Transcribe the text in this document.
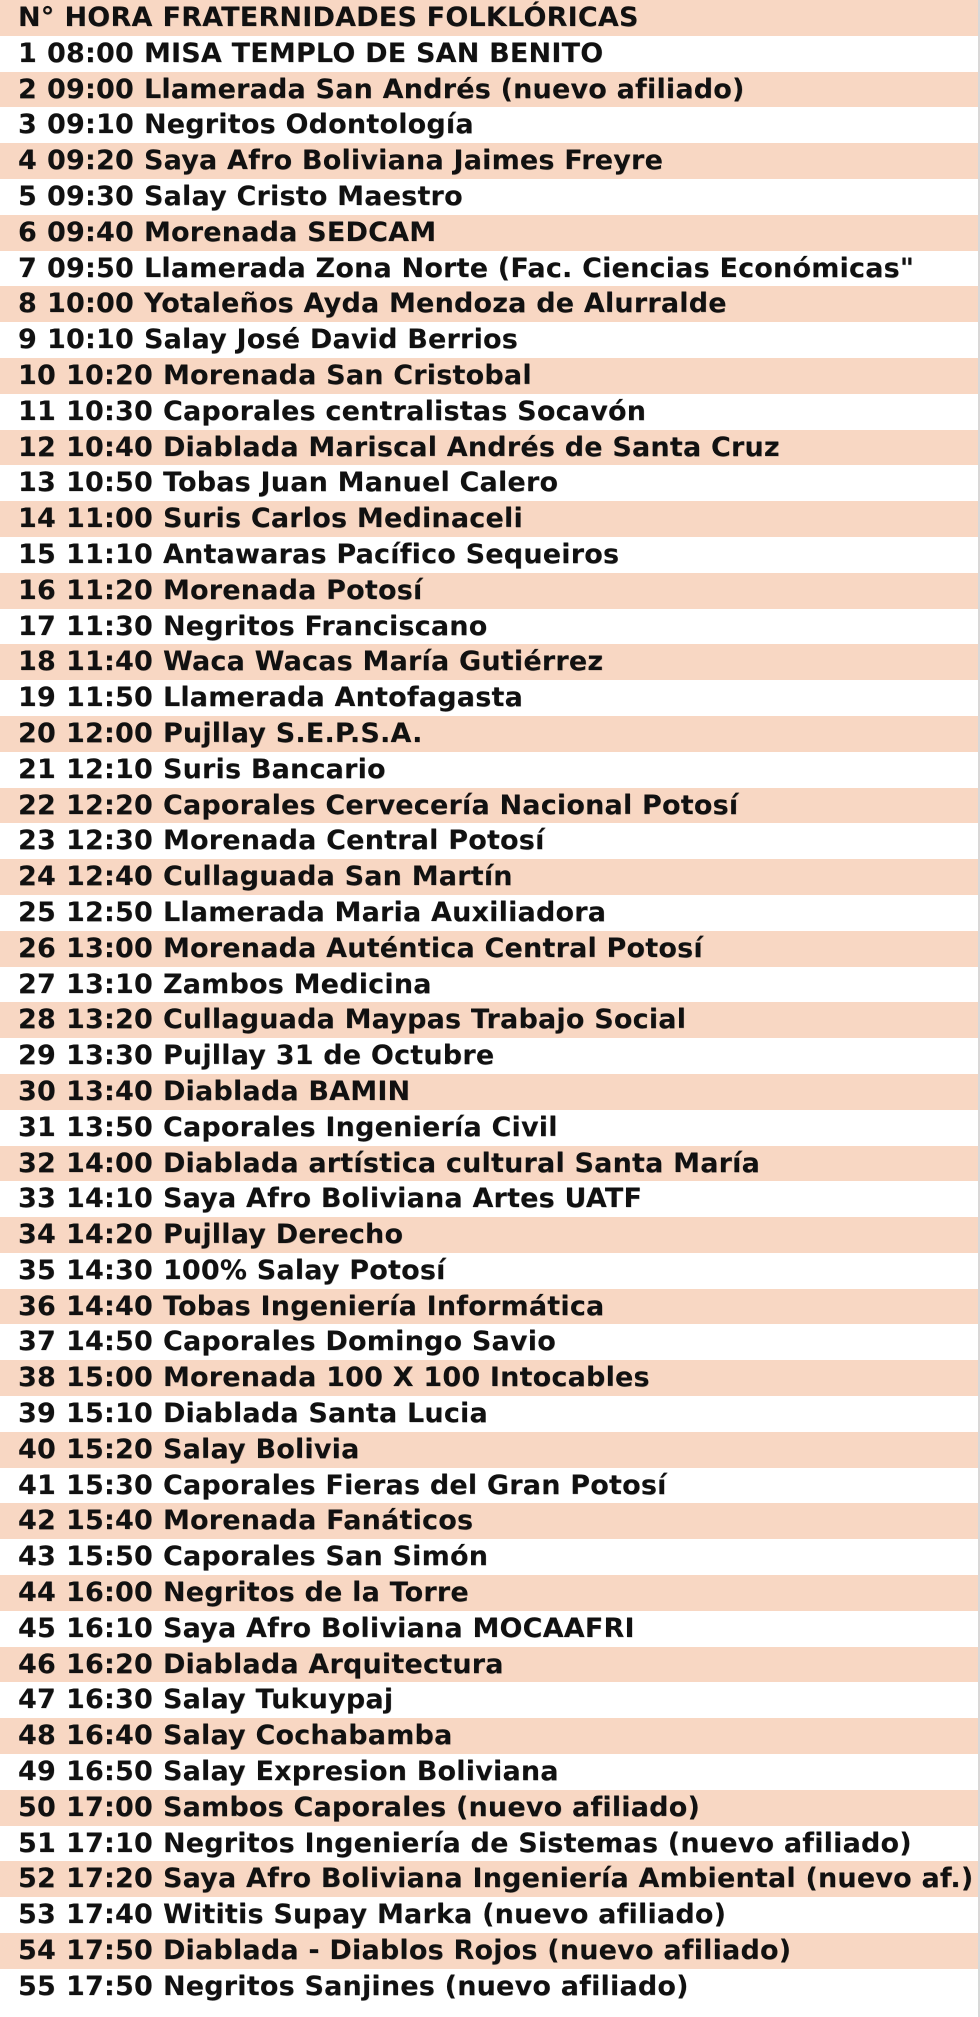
N° HORA FRATERNIDADES FOLKLÓRICAS
1 08:00 MISA TEMPLO DE SAN BENITO
2 09:00 Llamerada San Andrés (nuevo afiliado)
3 09:10 Negritos Odontología
4 09:20 Saya Afro Boliviana Jaimes Freyre
5 09:30 Salay Cristo Maestro
6 09:40 Morenada SEDCAM
7 09:50 Llamerada Zona Norte (Fac. Ciencias Económicas"
8 10:00 Yotaleños Ayda Mendoza de Alurralde
9 10:10 Salay José David Berrios
10 10:20 Morenada San Cristobal
11 10:30 Caporales centralistas Socavón
12 10:40 Diablada Mariscal Andrés de Santa Cruz
13 10:50 Tobas Juan Manuel Calero
14 11:00 Suris Carlos Medinaceli
15 11:10 Antawaras Pacífico Sequeiros
16 11:20 Morenada Potosí
17 11:30 Negritos Franciscano
18 11:40 Waca Wacas María Gutiérrez
19 11:50 Llamerada Antofagasta
20 12:00 Pujllay S.E.P.S.A.
21 12:10 Suris Bancario
22 12:20 Caporales Cervecería Nacional Potosí
23 12:30 Morenada Central Potosí
24 12:40 Cullaguada San Martín
25 12:50 Llamerada Maria Auxiliadora
26 13:00 Morenada Auténtica Central Potosí
27 13:10 Zambos Medicina
28 13:20 Cullaguada Maypas Trabajo Social
29 13:30 Pujllay 31 de Octubre
30 13:40 Diablada BAMIN
31 13:50 Caporales Ingeniería Civil
32 14:00 Diablada artística cultural Santa María
33 14:10 Saya Afro Boliviana Artes UATF
34 14:20 Pujllay Derecho
35 14:30 100% Salay Potosí
36 14:40 Tobas Ingeniería Informática
37 14:50 Caporales Domingo Savio
38 15:00 Morenada 100 X 100 Intocables
39 15:10 Diablada Santa Lucia
40 15:20 Salay Bolivia
41 15:30 Caporales Fieras del Gran Potosí
42 15:40 Morenada Fanáticos
43 15:50 Caporales San Simón
44 16:00 Negritos de la Torre
45 16:10 Saya Afro Boliviana MOCAAFRI
46 16:20 Diablada Arquitectura
47 16:30 Salay Tukuypaj
48 16:40 Salay Cochabamba
49 16:50 Salay Expresion Boliviana
50 17:00 Sambos Caporales (nuevo afiliado)
51 17:10 Negritos Ingeniería de Sistemas (nuevo afiliado)
52 17:20 Saya Afro Boliviana Ingeniería Ambiental (nuevo af.)
53 17:40 Wititis Supay Marka (nuevo afiliado)
54 17:50 Diablada - Diablos Rojos (nuevo afiliado)
55 17:50 Negritos Sanjines (nuevo afiliado)
